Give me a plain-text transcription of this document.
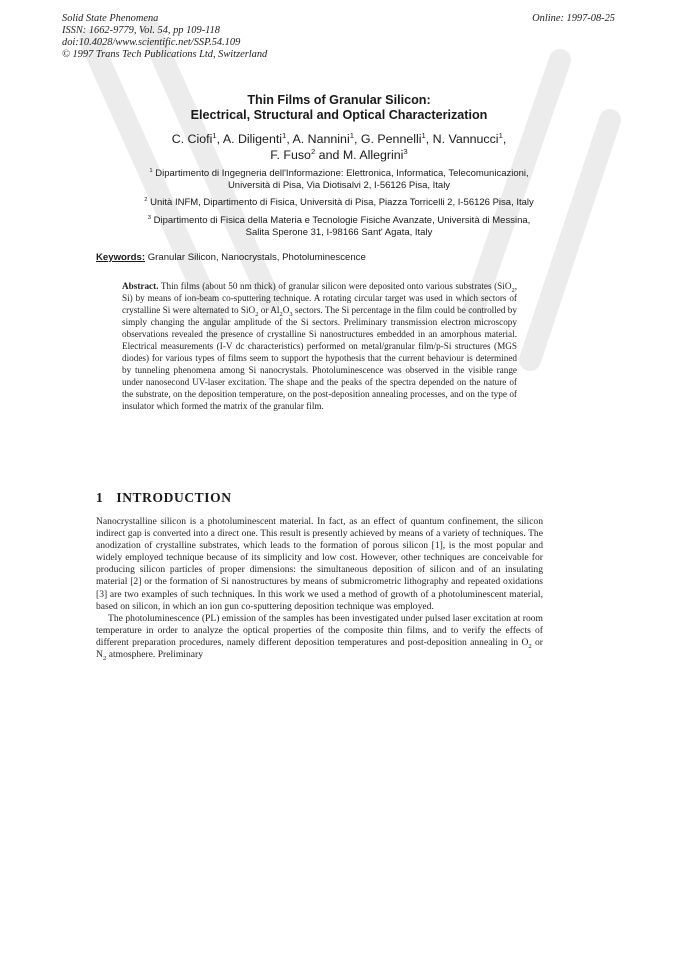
Solid State Phenomena
ISSN: 1662-9779, Vol. 54, pp 109-118
doi:10.4028/www.scientific.net/SSP.54.109
© 1997 Trans Tech Publications Ltd, Switzerland
Online: 1997-08-25
Thin Films of Granular Silicon:
Electrical, Structural and Optical Characterization
C. Ciofi$^1$, A. Diligenti$^1$, A. Nannini$^1$, G. Pennelli$^1$, N. Vannucci$^1$,
F. Fuso$^2$ and M. Allegrini$^3$
$^1$ Dipartimento di Ingegneria dell'Informazione: Elettronica, Informatica, Telecomunicazioni,
Università di Pisa, Via Diotisalvi 2, I-56126 Pisa, Italy
$^2$ Unità INFM, Dipartimento di Fisica, Università di Pisa, Piazza Torricelli 2, I-56126 Pisa, Italy
$^3$ Dipartimento di Fisica della Materia e Tecnologie Fisiche Avanzate, Università di Messina,
Salita Sperone 31, I-98166 Sant' Agata, Italy
Keywords: Granular Silicon, Nanocrystals, Photoluminescence
Abstract. Thin films (about 50 nm thick) of granular silicon were deposited onto various substrates (SiO$_2$, Si) by means of ion-beam co-sputtering technique. A rotating circular target was used in which sectors of crystalline Si were alternated to SiO$_2$ or $Al_2O_3$ sectors. The Si percentage in the film could be controlled by simply changing the angular amplitude of the Si sectors. Preliminary transmission electron microscopy observations revealed the presence of crystalline Si nanostructures embedded in an amorphous material. Electrical measurements (I-V dc characteristics) performed on metal/granular film/p-Si structures (MGS diodes) for various types of films seem to support the hypothesis that the current behaviour is determined by tunneling phenomena among Si nanocrystals. Photoluminescence was observed in the visible range under nanosecond UV-laser excitation. The shape and the peaks of the spectra depended on the nature of the substrate, on the deposition temperature, on the post-deposition annealing processes, and on the type of insulator which formed the matrix of the granular film.
1 INTRODUCTION

Nanocrystalline silicon is a photoluminescent material. In fact, as an effect of quantum confinement, the silicon indirect gap is converted into a direct one. This result is presently achieved by means of a variety of techniques. The anodization of crystalline substrates, which leads to the formation of porous silicon [1], is the most popular and widely employed technique because of its simplicity and low cost. However, other techniques are conceivable for producing silicon particles of proper dimensions: the simultaneous deposition of silicon and of an insulating material [2] or the formation of Si nanostructures by means of submicrometric lithography and repeated oxidations [3] are two examples of such techniques. In this work we used a method of growth of a photoluminescent material, based on silicon, in which an ion gun co-sputtering deposition technique was employed.

The photoluminescence (PL) emission of the samples has been investigated under pulsed laser excitation at room temperature in order to analyze the optical properties of the composite thin films, and to verify the effects of different preparation procedures, namely different deposition temperatures and post-deposition annealing in $O_2$ or $N_2$ atmosphere. Preliminary
